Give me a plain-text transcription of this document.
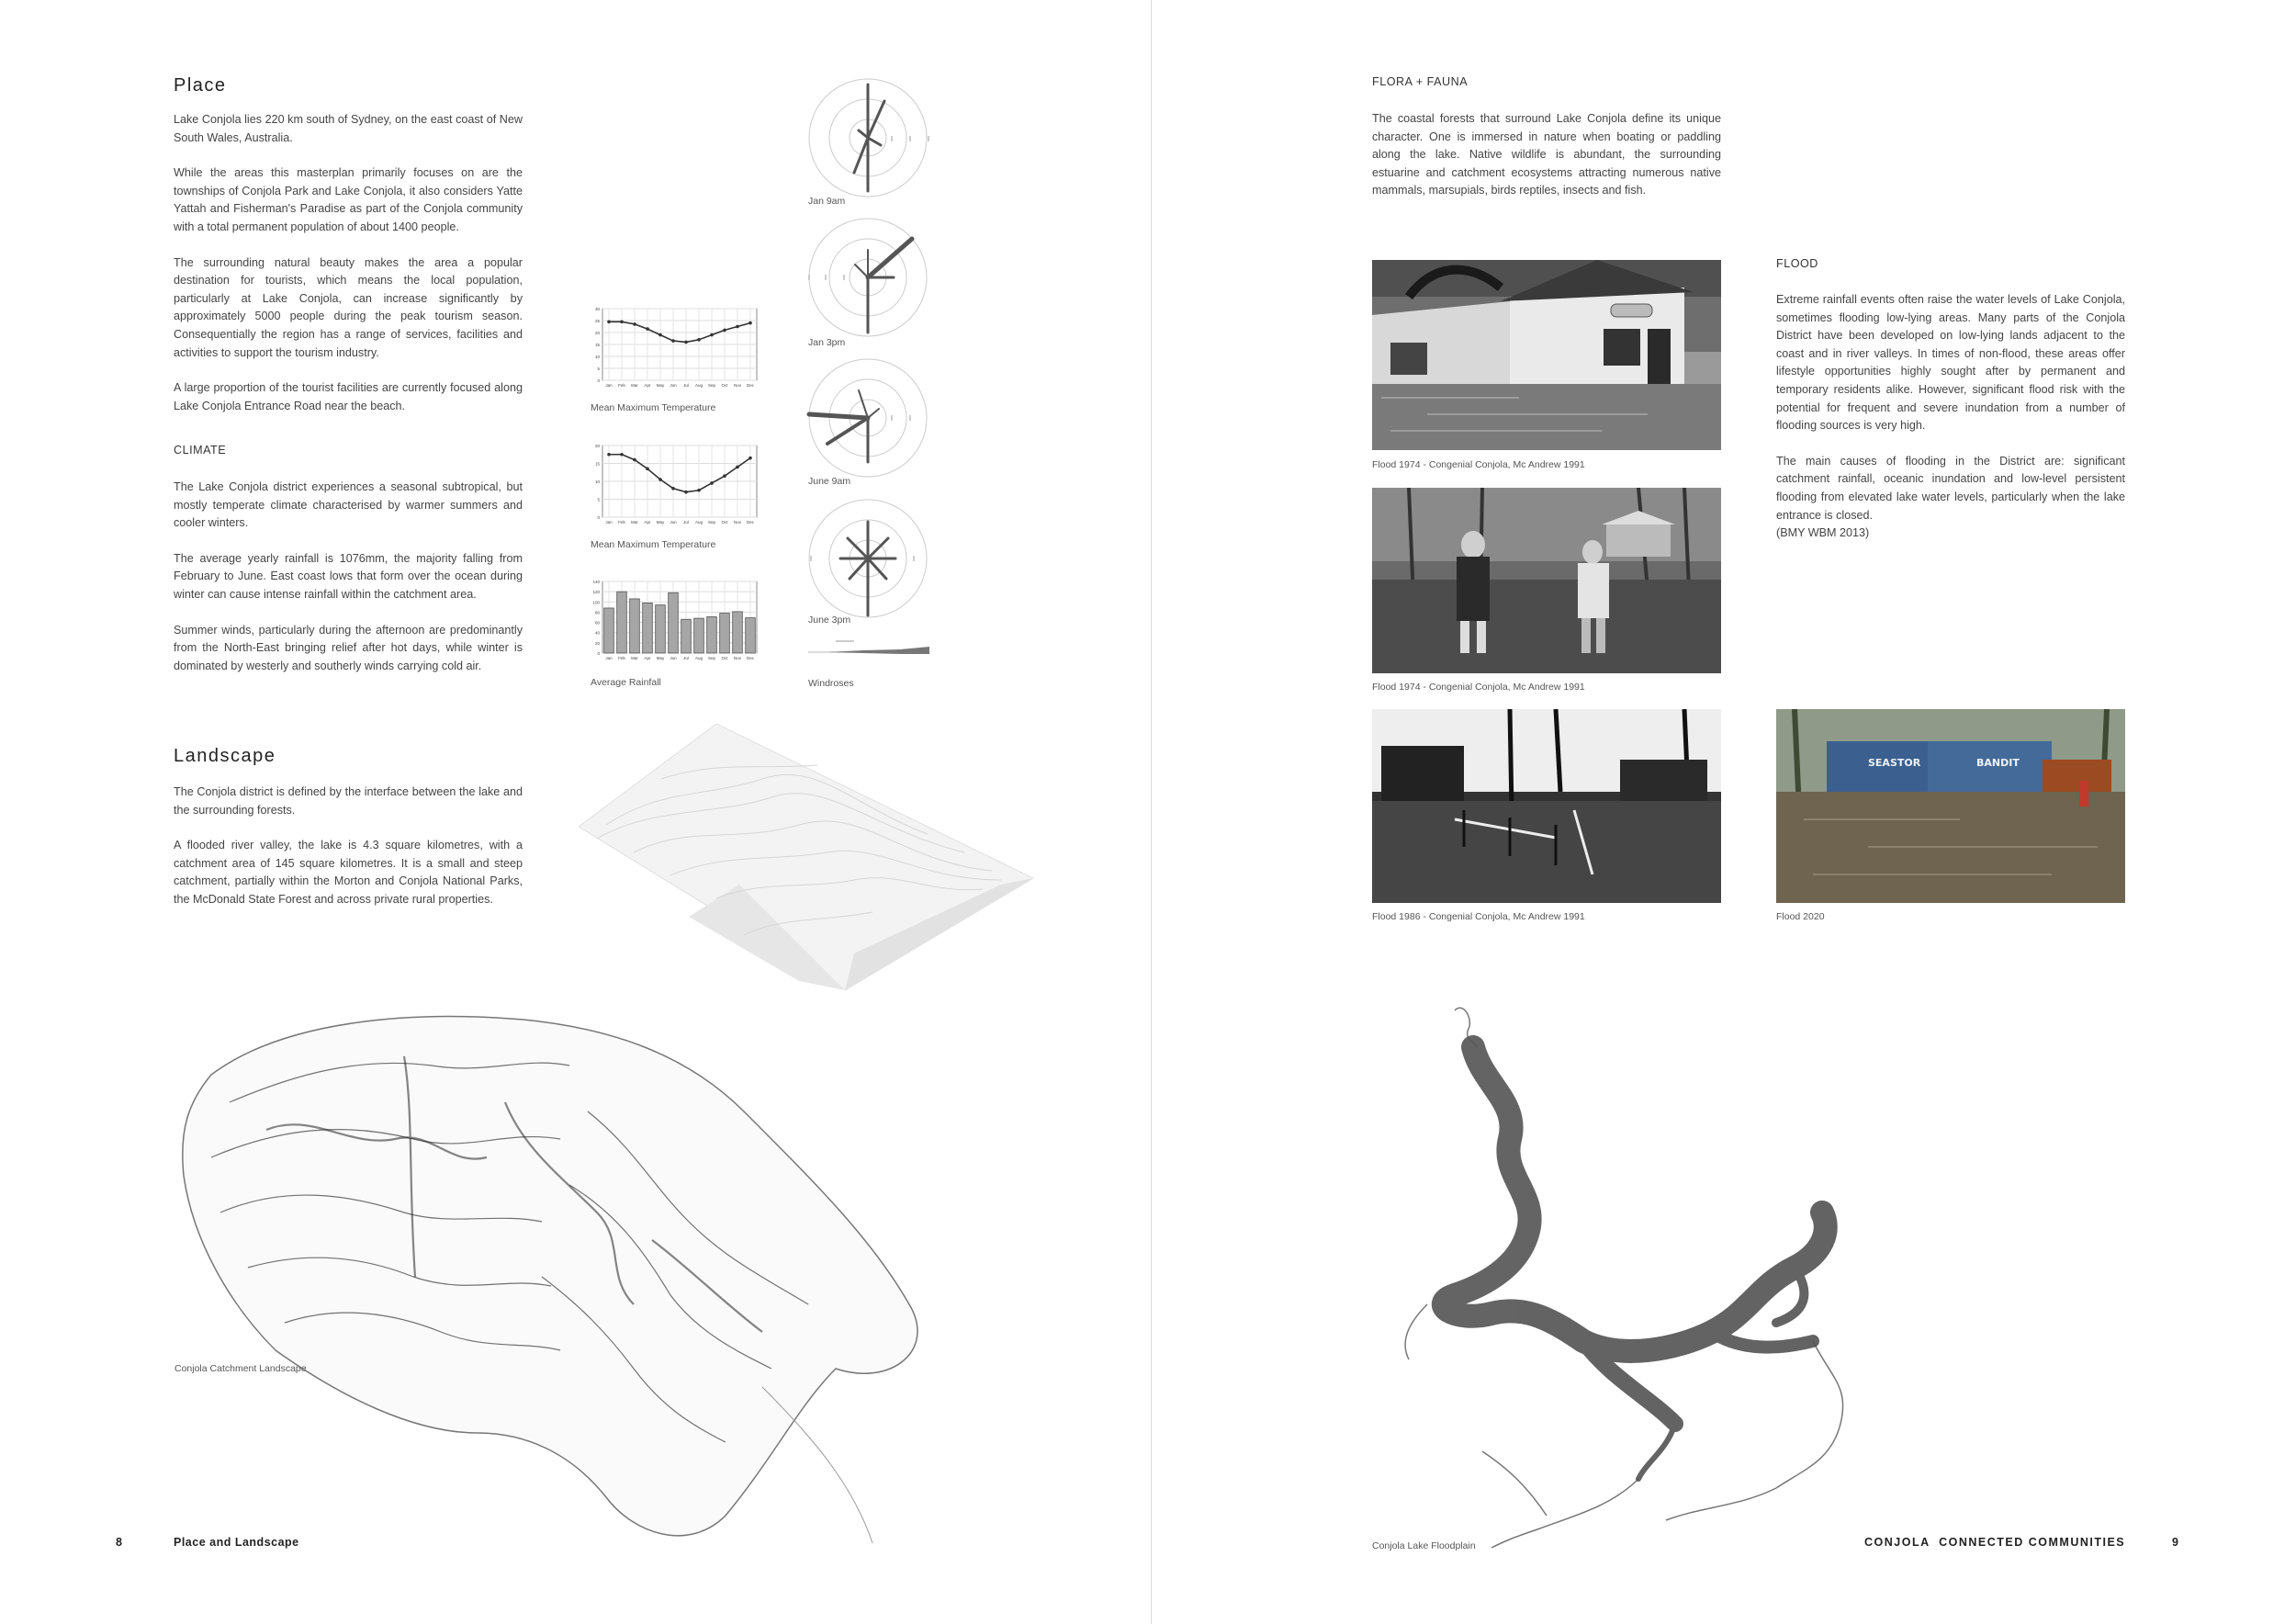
Place

Lake Conjola lies 220 km south of Sydney, on the east coast of New South Wales, Australia.

While the areas this masterplan primarily focuses on are the townships of Conjola Park and Lake Conjola, it also considers Yatte Yattah and Fisherman's Paradise as part of the Conjola community with a total permanent population of about 1400 people.

The surrounding natural beauty makes the area a popular destination for tourists, which means the local population, particularly at Lake Conjola, can increase significantly by approximately 5000 people during the peak tourism season. Consequentially the region has a range of services, facilities and activities to support the tourism industry.

A large proportion of the tourist facilities are currently focused along Lake Conjola Entrance Road near the beach.

CLIMATE

The Lake Conjola district experiences a seasonal subtropical, but mostly temperate climate characterised by warmer summers and cooler winters.

The average yearly rainfall is 1076mm, the majority falling from February to June. East coast lows that form over the ocean during winter can cause intense rainfall within the catchment area.

Summer winds, particularly during the afternoon are predominantly from the North-East bringing relief after hot days, while winter is dominated by westerly and southerly winds carrying cold air.

Landscape

The Conjola district is defined by the interface between the lake and the surrounding forests.

A flooded river valley, the lake is 4.3 square kilometres, with a catchment area of 145 square kilometres. It is a small and steep catchment, partially within the Morton and Conjola National Parks, the McDonald State Forest and across private rural properties.

0
5
10
15
20
25
30
Jan Feb Mar Apr May Jun Jul Aug Sep Oct Nov Dec
Mean Maximum Temperature
0
5
10
15
20
Jan Feb Mar Apr May Jun Jul Aug Sep Oct Nov Dec
Mean Maximum Temperature
0
20
40
60
80
100
120
140
Jan Feb Mar Apr May Jun Jul Aug Sep Oct Nov Dec
Average Rainfall
Jan 9am
Jan 3pm
June 9am
June 3pm
Windroses
Conjola Catchment Landscape
8	Place and Landscape
FLORA + FAUNA
The coastal forests that surround Lake Conjola define its unique character. One is immersed in nature when boating or paddling along the lake. Native wildlife is abundant, the surrounding estuarine and catchment ecosystems attracting numerous native mammals, marsupials, birds reptiles, insects and fish.
FLOOD

Extreme rainfall events often raise the water levels of Lake Conjola, sometimes flooding low-lying areas. Many parts of the Conjola District have been developed on low-lying lands adjacent to the coast and in river valleys. In times of non-flood, these areas offer lifestyle opportunities highly sought after by permanent and temporary residents alike. However, significant flood risk with the potential for frequent and severe inundation from a number of flooding sources is very high.

The main causes of flooding in the District are: significant catchment rainfall, oceanic inundation and low-level persistent flooding from elevated lake water levels, particularly when the lake entrance is closed.

(BMY WBM 2013)
Flood 1974 - Congenial Conjola, Mc Andrew 1991
Flood 1974 - Congenial Conjola, Mc Andrew 1991
Flood 1986 - Congenial Conjola, Mc Andrew 1991
SEASTOR	BANDIT
Flood 2020
Conjola Lake Floodplain	CONJOLA  CONNECTED COMMUNITIES	9
